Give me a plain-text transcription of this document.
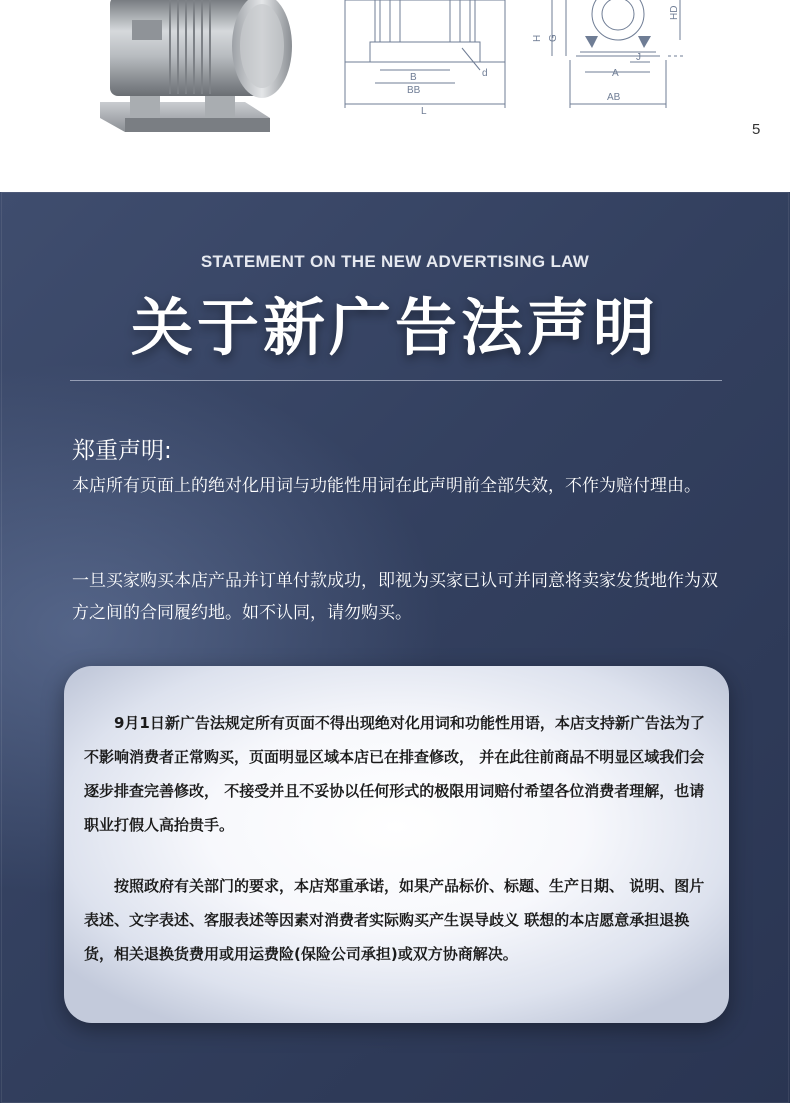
B
BB
L
d
G
H
HD
A
J
AB
5
STATEMENT ON THE NEW ADVERTISING LAW
关于新广告法声明
郑重声明:
本店所有页面上的绝对化用词与功能性用词在此声明前全部失效，不作为赔付理由。
一旦买家购买本店产品并订单付款成功，即视为买家已认可并同意将卖家发货地作为双方之间的合同履约地。如不认同，请勿购买。
9月1日新广告法规定所有页面不得出现绝对化用词和功能性用语，本店支持新广告法为了不影响消费者正常购买，页面明显区域本店已在排查修改， 并在此往前商品不明显区域我们会逐步排查完善修改， 不接受并且不妥协以任何形式的极限用词赔付希望各位消费者理解，也请职业打假人高抬贵手。
按照政府有关部门的要求，本店郑重承诺，如果产品标价、标题、生产日期、 说明、图片表述、文字表述、客服表述等因素对消费者实际购买产生误导歧义 联想的本店愿意承担退换货，相关退换货费用或用运费险(保险公司承担)或双方协商解决。
